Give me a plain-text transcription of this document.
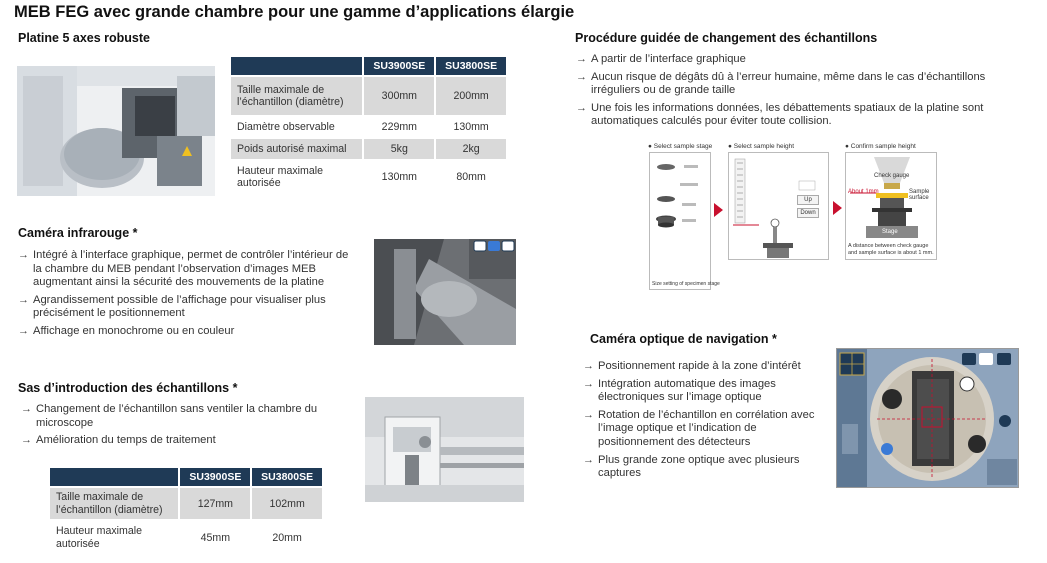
MEB FEG avec grande chambre pour une gamme d’applications élargie
Platine 5 axes robuste
	SU3900SE	SU3800SE
Taille maximale de l’échantillon (diamètre)	300mm	200mm
Diamètre observable	229mm	130mm
Poids autorisé maximal	5kg	2kg
Hauteur maximale autorisée	130mm	80mm
Caméra infrarouge *
→ Intégré à l’interface graphique, permet de contrôler l’intérieur de la chambre du MEB pendant l’observation d’images MEB augmentant ainsi la sécurité des mouvements de la platine
→ Agrandissement possible de l’affichage pour visualiser plus précisément le positionnement
→ Affichage en monochrome ou en couleur
Sas d’introduction des échantillons *
→ Changement de l’échantillon sans ventiler la chambre du microscope
→ Amélioration du temps de traitement
	SU3900SE	SU3800SE
Taille maximale de l’échantillon (diamètre)	127mm	102mm
Hauteur maximale autorisée	45mm	20mm
Procédure guidée de changement des échantillons
→ A partir de l’interface graphique
→ Aucun risque de dégâts dû à l’erreur humaine, même dans le cas d’échantillons irréguliers ou de grande taille
→ Une fois les informations données, les débattements spatiaux de la platine sont automatiques calculés pour éviter toute collision.
● Select sample stage
Size setting of specimen stage
● Select sample height
Up
Down
● Confirm sample height
Check gauge
About 1mm	Sample surface
Stage
A distance between check gauge and sample surface is about 1 mm.
Caméra optique de navigation *
→ Positionnement rapide à la zone d’intérêt
→ Intégration automatique des images électroniques sur l’image optique
→ Rotation de l’échantillon en corrélation avec l’image optique et l’indication de positionnement des détecteurs
→ Plus grande zone optique avec plusieurs captures
